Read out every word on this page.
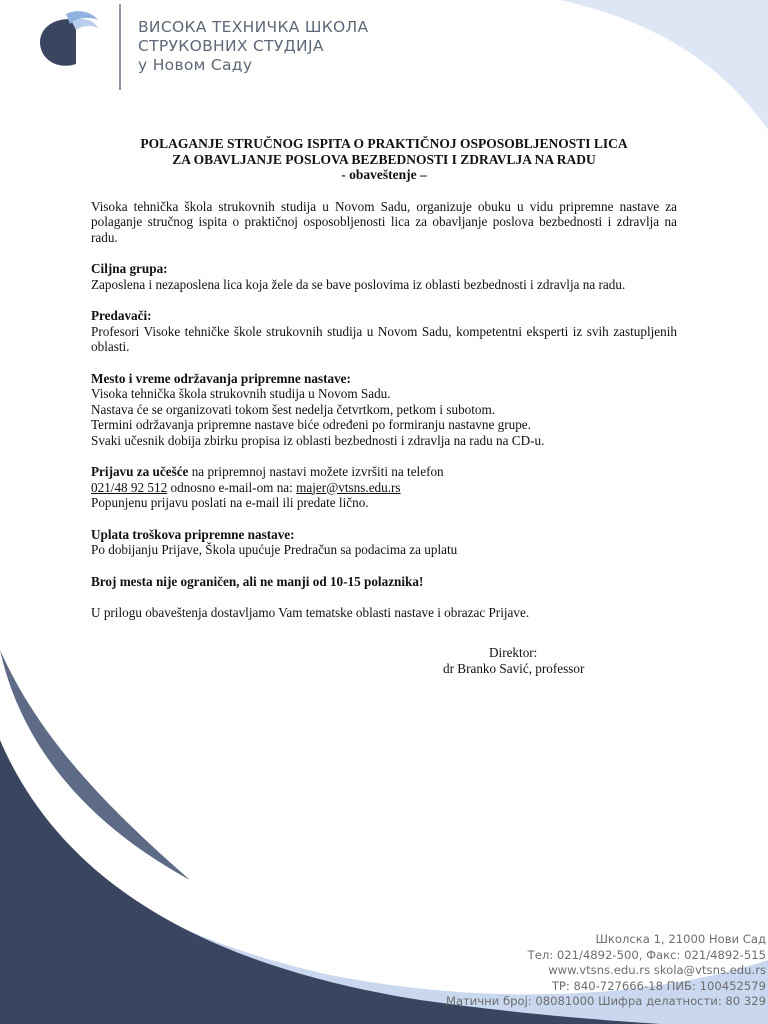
ВИСОКА ТЕХНИЧКА ШКОЛА
СТРУКОВНИХ СТУДИЈА
у Новом Саду
POLAGANJE STRUČNOG ISPITA O PRAKTIČNOJ OSPOSOBLJENOSTI LICA
ZA OBAVLJANJE POSLOVA BEZBEDNOSTI I ZDRAVLJA NA RADU
- obaveštenje –
Visoka tehnička škola strukovnih studija u Novom Sadu, organizuje obuku u vidu pripremne nastave za polaganje stručnog ispita o praktičnoj osposobljenosti lica za obavljanje poslova bezbednosti i zdravlja na radu.
Ciljna grupa:
Zaposlena i nezaposlena lica koja žele da se bave poslovima iz oblasti bezbednosti i zdravlja na radu.
Predavači:
Profesori Visoke tehničke škole strukovnih studija u Novom Sadu, kompetentni eksperti iz svih zastupljenih oblasti.
Mesto i vreme održavanja pripremne nastave:
Visoka tehnička škola strukovnih studija u Novom Sadu.
Nastava će se organizovati tokom šest nedelja četvrtkom, petkom i subotom.
Termini održavanja pripremne nastave biće određeni po formiranju nastavne grupe.
Svaki učesnik dobija zbirku propisa iz oblasti bezbednosti i zdravlja na radu na CD-u.
Prijavu za učešće na pripremnoj nastavi možete izvršiti na telefon
021/48 92 512 odnosno e-mail-om na: majer@vtsns.edu.rs
Popunjenu prijavu poslati na e-mail ili predate lično.
Uplata troškova pripremne nastave:
Po dobijanju Prijave, Škola upućuje Predračun sa podacima za uplatu
Broj mesta nije ograničen, ali ne manji od 10-15 polaznika!
U prilogu obaveštenja dostavljamo Vam tematske oblasti nastave i obrazac Prijave.
Direktor:
dr Branko Savić, professor
Школска 1, 21000 Нови Сад
Тел: 021/4892-500, Факс: 021/4892-515
www.vtsns.edu.rs skola@vtsns.edu.rs
ТР: 840-727666-18 ПИБ: 100452579
Матични број: 08081000 Шифра делатности: 80 329
